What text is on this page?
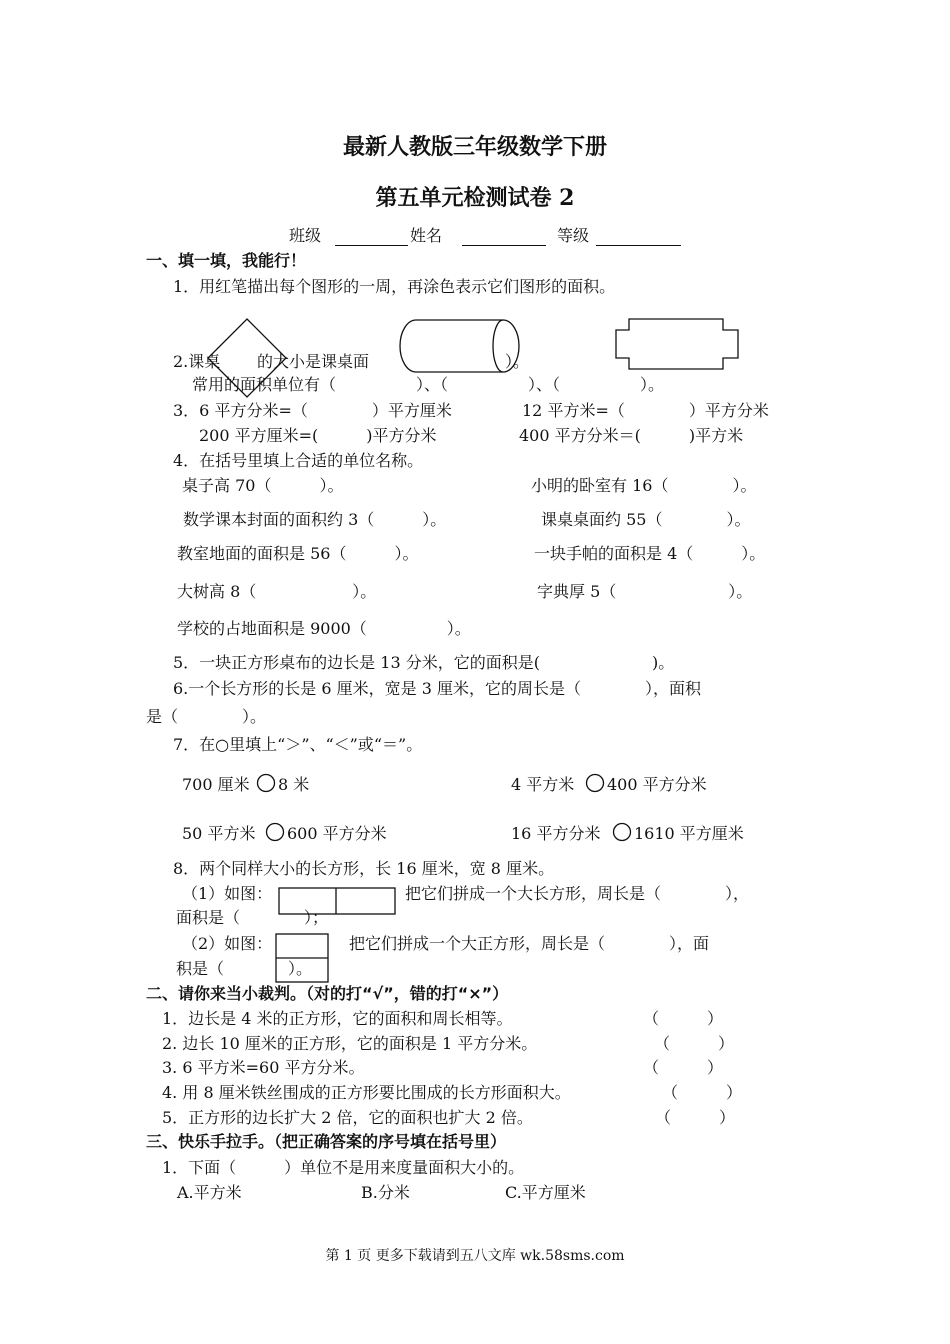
最新人教版三年级数学下册
第五单元检测试卷 2
班级	姓名	等级
一、填一填，我能行！
1．用红笔描出每个图形的一周，再涂色表示它们图形的面积。
2.课桌 的大小是课桌面	）。
常用的面积单位有（　　　　　）、（　　　　　）、（　　　　　）。
3．6 平方分米=（　　　　）平方厘米	12 平方米=（　　　　）平方分米
200 平方厘米=(　　　)平方分米	400 平方分米＝(　　　)平方米
4．在括号里填上合适的单位名称。
桌子高 70（　　　）。	小明的卧室有 16（　　　　）。
数学课本封面的面积约 3（　　　）。	课桌桌面约 55（　　　　）。
教室地面的面积是 56（　　　）。	一块手帕的面积是 4（　　　）。
大树高 8（　　　　　　）。	字典厚 5（　　　　　　　）。
学校的占地面积是 9000（　　　　　）。
5．一块正方形桌布的边长是 13 分米，它的面积是(　　　　　　　)。
6.一个长方形的长是 6 厘米，宽是 3 厘米，它的周长是（　　　　），面积
是（　　　　）。
7．在○里填上“＞”、“＜”或“＝”。
700 厘米 8 米	4 平方米 400 平方分米
50 平方米 600 平方分米	16 平方分米 1610 平方厘米
8．两个同样大小的长方形，长 16 厘米，宽 8 厘米。
（1）如图：	把它们拼成一个大长方形，周长是（　　　　），
面积是（　　　　）；
（2）如图：	把它们拼成一个大正方形，周长是（　　　　），面
积是（　　　　）。
二、请你来当小裁判。（对的打“√”，错的打“×”）
1．边长是 4 米的正方形，它的面积和周长相等。	（　　　）
2. 边长 10 厘米的正方形，它的面积是 1 平方分米。	（　　　）
3. 6 平方米=60 平方分米。	（　　　）
4. 用 8 厘米铁丝围成的正方形要比围成的长方形面积大。	（　　　）
5．正方形的边长扩大 2 倍，它的面积也扩大 2 倍。	（　　　）
三、快乐手拉手。（把正确答案的序号填在括号里）
1．下面（　　　）单位不是用来度量面积大小的。
A.平方米	B.分米	C.平方厘米
第 1 页 更多下载请到五八文库 wk.58sms.com
